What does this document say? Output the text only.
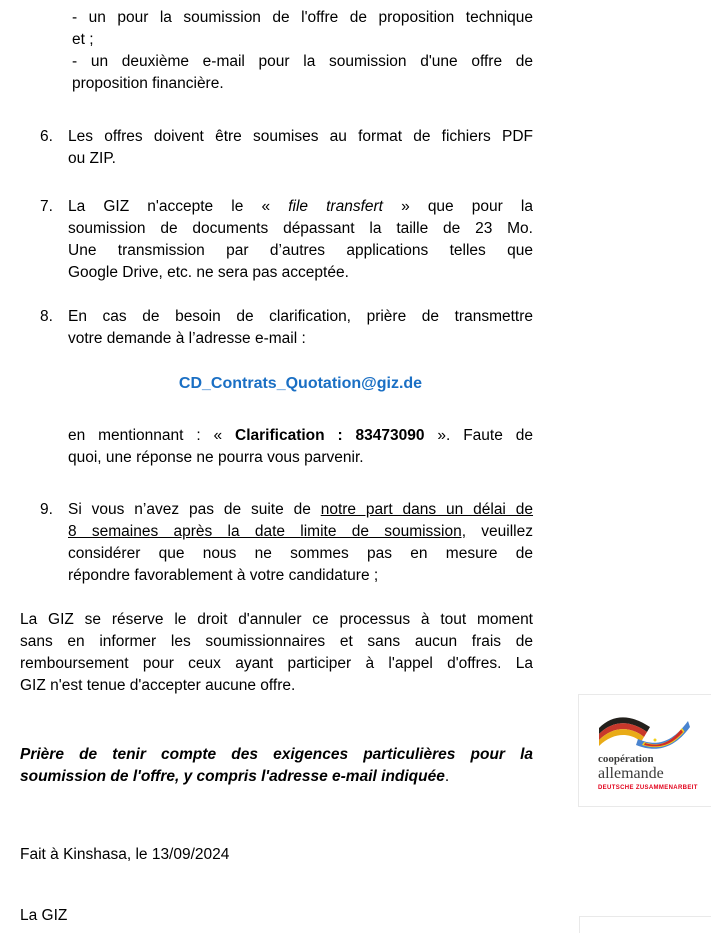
- un pour la soumission de l'offre de proposition technique
et ;
- un deuxième e-mail pour la soumission d'une offre de
proposition financière.
6. Les offres doivent être soumises au format de fichiers PDF
ou ZIP.
7. La GIZ n'accepte le « file transfert » que pour la
soumission de documents dépassant la taille de 23 Mo.
Une transmission par d’autres applications telles que
Google Drive, etc. ne sera pas acceptée.
8. En cas de besoin de clarification, prière de transmettre
votre demande à l’adresse e-mail :
CD_Contrats_Quotation@giz.de
en mentionnant : « Clarification : 83473090 ». Faute de
quoi, une réponse ne pourra vous parvenir.
9. Si vous n’avez pas de suite de notre part dans un délai de
8 semaines après la date limite de soumission, veuillez
considérer que nous ne sommes pas en mesure de
répondre favorablement à votre candidature ;
La GIZ se réserve le droit d'annuler ce processus à tout moment
sans en informer les soumissionnaires et sans aucun frais de
remboursement pour ceux ayant participer à l'appel d'offres. La
GIZ n'est tenue d'accepter aucune offre.
Prière de tenir compte des exigences particulières pour la
soumission de l'offre, y compris l'adresse e-mail indiquée.
Fait à Kinshasa, le 13/09/2024
La GIZ
coopération
allemande
DEUTSCHE ZUSAMMENARBEIT
